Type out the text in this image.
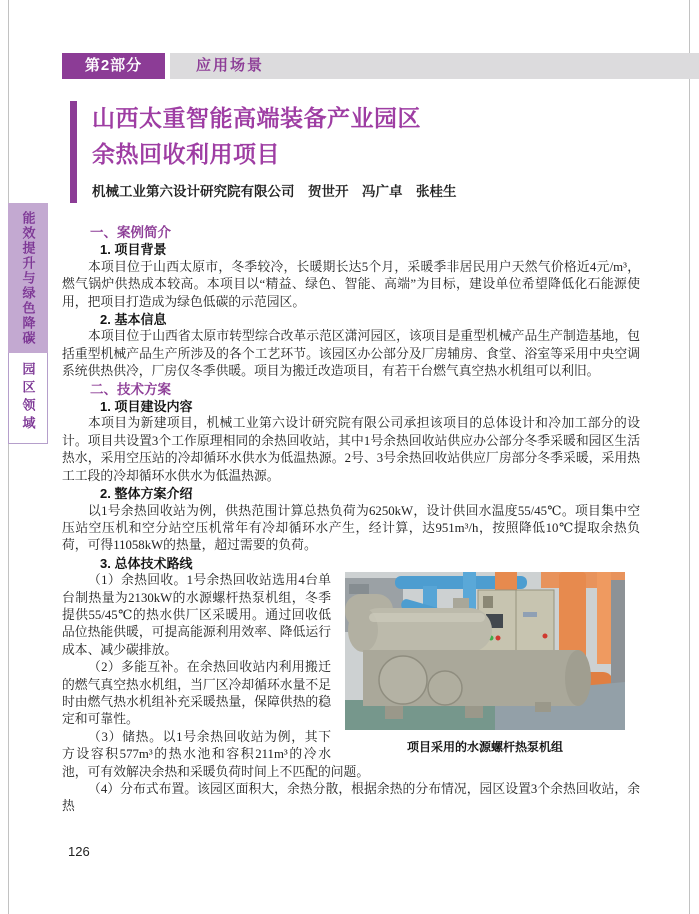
第2部分	应用场景
山西太重智能高端装备产业园区
余热回收利用项目
机械工业第六设计研究院有限公司　贺世开　冯广卓　张桂生
能效提升与绿色降碳
园区领域
一、案例简介
1. 项目背景

本项目位于山西太原市，冬季较冷，长暖期长达5个月，采暖季非居民用户天然气价格近4元/m³，燃气锅炉供热成本较高。本项目以“精益、绿色、智能、高端”为目标，建设单位希望降低化石能源使用，把项目打造成为绿色低碳的示范园区。

2. 基本信息

本项目位于山西省太原市转型综合改革示范区潇河园区，该项目是重型机械产品生产制造基地，包括重型机械产品生产所涉及的各个工艺环节。该园区办公部分及厂房辅房、食堂、浴室等采用中央空调系统供热供冷，厂房仅冬季供暖。项目为搬迁改造项目，有若干台燃气真空热水机组可以利旧。

二、技术方案
1. 项目建设内容

本项目为新建项目，机械工业第六设计研究院有限公司承担该项目的总体设计和冷加工部分的设计。项目共设置3个工作原理相同的余热回收站，其中1号余热回收站供应办公部分冬季采暖和园区生活热水，采用空压站的冷却循环水供水为低温热源。2号、3号余热回收站供应厂房部分冬季采暖，采用热工工段的冷却循环水供水为低温热源。

2. 整体方案介绍

以1号余热回收站为例，供热范围计算总热负荷为6250kW，设计供回水温度55/45℃。项目集中空压站空压机和空分站空压机常年有冷却循环水产生，经计算，达951m³/h，按照降低10℃提取余热负荷，可得11058kW的热量，超过需要的负荷。

3. 总体技术路线
项目采用的水源螺杆热泵机组

（1）余热回收。1号余热回收站选用4台单台制热量为2130kW的水源螺杆热泵机组，冬季提供55/45℃的热水供厂区采暖用。通过回收低品位热能供暖，可提高能源利用效率、降低运行成本、减少碳排放。

（2）多能互补。在余热回收站内利用搬迁的燃气真空热水机组，当厂区冷却循环水量不足时由燃气热水机组补充采暖热量，保障供热的稳定和可靠性。

（3）储热。以1号余热回收站为例，其下方设容积577m³的热水池和容积211m³的冷水池，可有效解决余热和采暖负荷时间上不匹配的问题。

（4）分布式布置。该园区面积大，余热分散，根据余热的分布情况，园区设置3个余热回收站，余热

126
